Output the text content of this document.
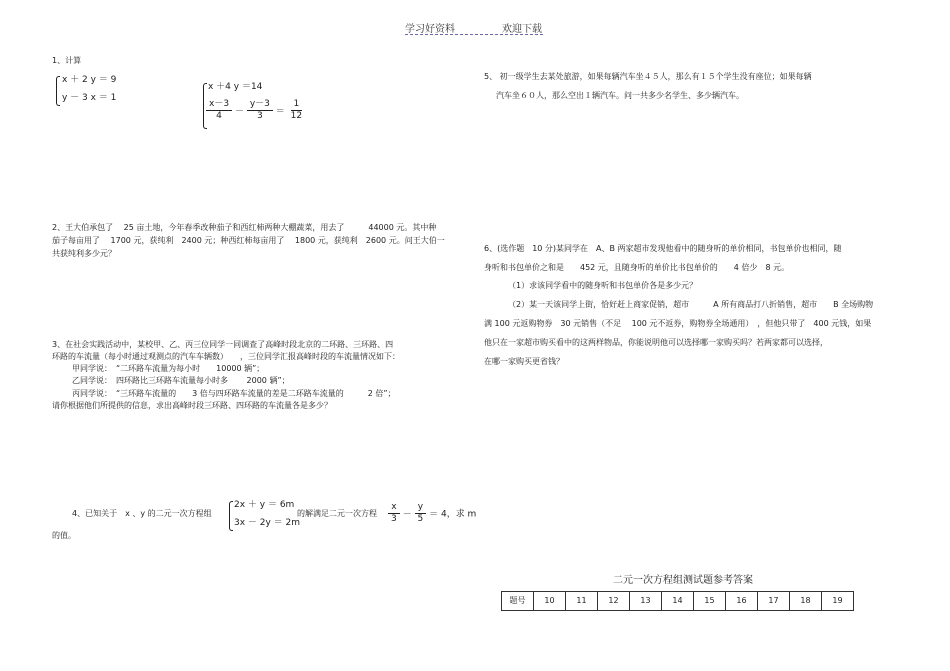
学习好资料	欢迎下载
1、计算
x ＋ 2 y ＝ 9
y － 3 x ＝ 1
x ＋4 y ＝14
$\frac{x-3}{4} - \frac{y-3}{3} = \frac{1}{12}$
2、王大伯承包了　 25 亩土地，今年春季改种茄子和西红柿两种大棚蔬菜，用去了　　　44000 元。其中种
茄子每亩用了　 1700 元，获纯利　2400 元；种西红柿每亩用了　 1800 元，获纯利　2600 元。问王大伯一
共获纯利多少元？
3、在社会实践活动中，某校甲、乙、丙三位同学一同调查了高峰时段北京的二环路、三环路、四
环路的车流量（每小时通过观测点的汽车车辆数）　　，三位同学汇报高峰时段的车流量情况如下：
甲同学说：　“二环路车流量为每小时　　10000 辆”；
乙同学说：　四环路比三环路车流量每小时多　　 2000 辆”；
丙同学说：　“三环路车流量的　　3 倍与四环路车流量的差是二环路车流量的　　　2 倍”；
请你根据他们所提供的信息，求出高峰时段三环路、四环路的车流量各是多少？
4、已知关于　x 、y 的二元一次方程组
2x ＋ y ＝ 6m
3x － 2y ＝ 2m
的解满足二元一次方程 $\frac{x}{3} - \frac{y}{5} = 4$，求 m
的值。
5、 初一级学生去某处旅游，如果每辆汽车坐４５人，那么有１５个学生没有座位；如果每辆
汽车坐６０人，那么空出１辆汽车。问一共多少名学生、多少辆汽车。
6、(选作题　10 分)某同学在　A、B 两家超市发现他看中的随身听的单价相同，书包单价也相同，随
身听和书包单价之和是　　452 元，且随身听的单价比书包单价的　　4 倍少　8 元。
（1）求该同学看中的随身听和书包单价各是多少元？
（2）某一天该同学上街，恰好赶上商家促销，超市　　　A 所有商品打八折销售，超市　　B 全场购物
满 100 元返购物券　30 元销售（不足　 100 元不返券，购物券全场通用）　，但他只带了　400 元钱，如果
他只在一家超市购买看中的这两样物品，你能说明他可以选择哪一家购买吗？若两家都可以选择，
在哪一家购买更省钱？
二元一次方程组测试题参考答案
题号	10	11	12	13	14	15	16	17	18	19
